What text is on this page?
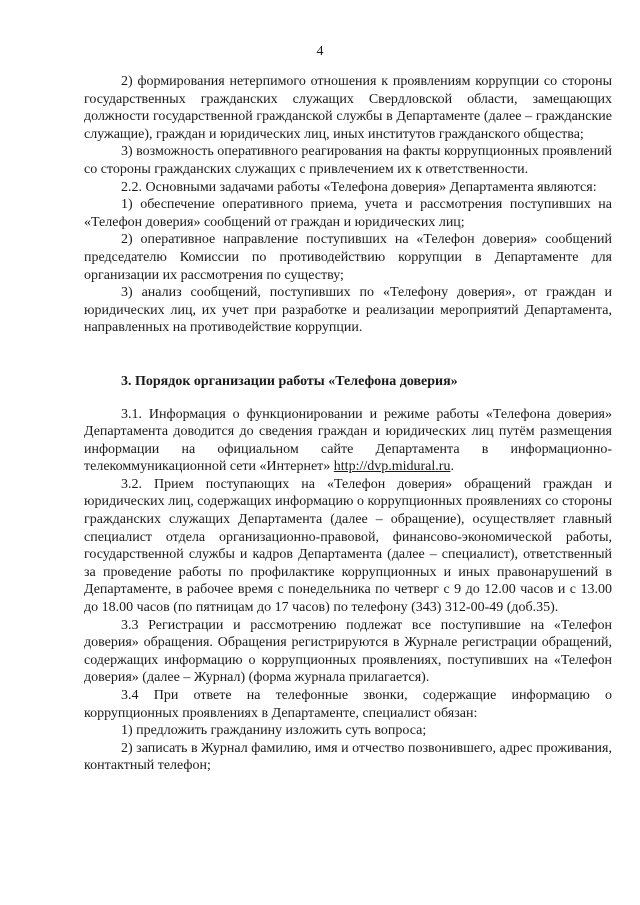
4

2) формирования нетерпимого отношения к проявлениям коррупции со стороны государственных гражданских служащих Свердловской области, замещающих должности государственной гражданской службы в Департаменте (далее – гражданские служащие), граждан и юридических лиц, иных институтов гражданского общества;

3) возможность оперативного реагирования на факты коррупционных проявлений со стороны гражданских служащих с привлечением их к ответственности.

2.2. Основными задачами работы «Телефона доверия» Департамента являются:

1) обеспечение оперативного приема, учета и рассмотрения поступивших на «Телефон доверия» сообщений от граждан и юридических лиц;

2) оперативное направление поступивших на «Телефон доверия» сообщений председателю Комиссии по противодействию коррупции в Департаменте для организации их рассмотрения по существу;

3) анализ сообщений, поступивших по «Телефону доверия», от граждан и юридических лиц, их учет при разработке и реализации мероприятий Департамента, направленных на противодействие коррупции.

3. Порядок организации работы «Телефона доверия»

3.1. Информация о функционировании и режиме работы «Телефона доверия» Департамента доводится до сведения граждан и юридических лиц путём размещения информации на официальном сайте Департамента в информационно-телекоммуникационной сети «Интернет» http://dvp.midural.ru.

3.2. Прием поступающих на «Телефон доверия» обращений граждан и юридических лиц, содержащих информацию о коррупционных проявлениях со стороны гражданских служащих Департамента (далее – обращение), осуществляет главный специалист отдела организационно-правовой, финансово-экономической работы, государственной службы и кадров Департамента (далее – специалист), ответственный за проведение работы по профилактике коррупционных и иных правонарушений в Департаменте, в рабочее время с понедельника по четверг с 9 до 12.00 часов и с 13.00 до 18.00 часов (по пятницам до 17 часов) по телефону (343) 312-00-49 (доб.35).

3.3 Регистрации и рассмотрению подлежат все поступившие на «Телефон доверия» обращения. Обращения регистрируются в Журнале регистрации обращений, содержащих информацию о коррупционных проявлениях, поступивших на «Телефон доверия» (далее – Журнал) (форма журнала прилагается).

3.4 При ответе на телефонные звонки, содержащие информацию о коррупционных проявлениях в Департаменте, специалист обязан:

1) предложить гражданину изложить суть вопроса;

2) записать в Журнал фамилию, имя и отчество позвонившего, адрес проживания, контактный телефон;
